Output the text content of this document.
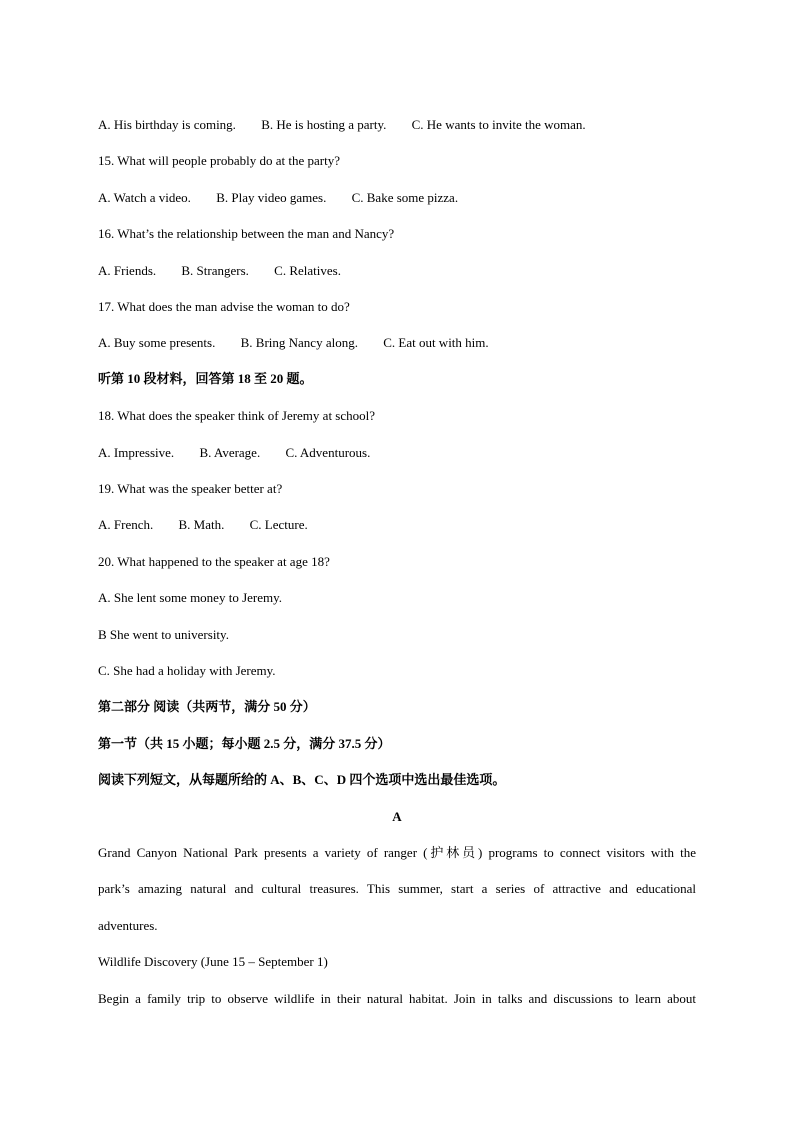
A. His birthday is coming. B. He is hosting a party. C. He wants to invite the woman.
15. What will people probably do at the party?
A. Watch a video. B. Play video games. C. Bake some pizza.
16. What’s the relationship between the man and Nancy?
A. Friends. B. Strangers. C. Relatives.
17. What does the man advise the woman to do?
A. Buy some presents. B. Bring Nancy along. C. Eat out with him.
听第 10 段材料，回答第 18 至 20 题。
18. What does the speaker think of Jeremy at school?
A. Impressive. B. Average. C. Adventurous.
19. What was the speaker better at?
A. French. B. Math. C. Lecture.
20. What happened to the speaker at age 18?
A. She lent some money to Jeremy.
B She went to university.
C. She had a holiday with Jeremy.
第二部分 阅读（共两节，满分 50 分）
第一节（共 15 小题；每小题 2.5 分，满分 37.5 分）
阅读下列短文，从每题所给的 A、B、C、D 四个选项中选出最佳选项。
A
Grand Canyon National Park presents a variety of ranger (护林员) programs to connect visitors with the
park’s amazing natural and cultural treasures. This summer, start a series of attractive and educational
adventures.
Wildlife Discovery (June 15 – September 1)
Begin a family trip to observe wildlife in their natural habitat. Join in talks and discussions to learn about
